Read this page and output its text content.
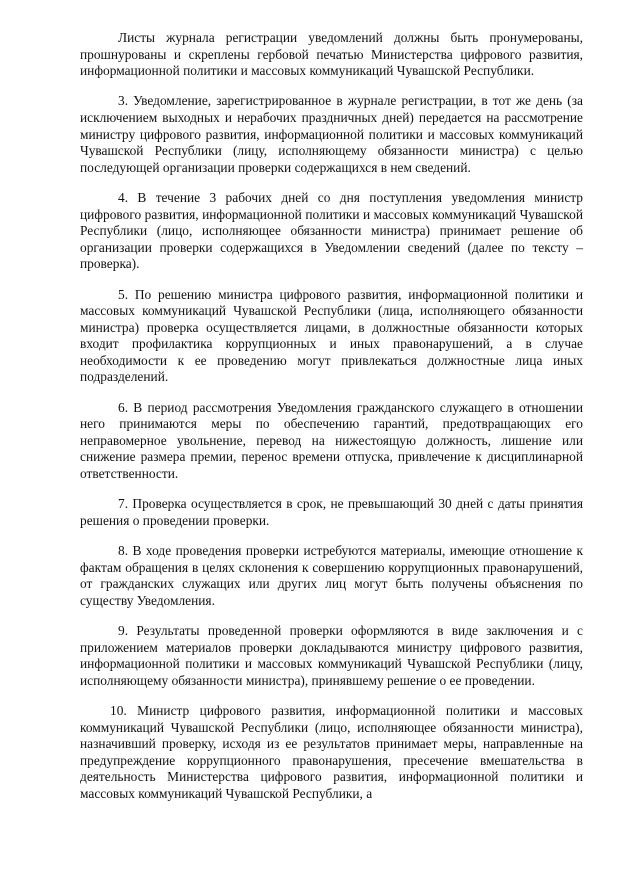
Листы журнала регистрации уведомлений должны быть пронумерованы, прошнурованы и скреплены гербовой печатью Министерства цифрового развития, информационной политики и массовых коммуникаций Чувашской Республики.

3. Уведомление, зарегистрированное в журнале регистрации, в тот же день (за исключением выходных и нерабочих праздничных дней) передается на рассмотрение министру цифрового развития, информационной политики и массовых коммуникаций Чувашской Республики (лицу, исполняющему обязанности министра) с целью последующей организации проверки содержащихся в нем сведений.

4. В течение 3 рабочих дней со дня поступления уведомления министр цифрового развития, информационной политики и массовых коммуникаций Чувашской Республики (лицо, исполняющее обязанности министра) принимает решение об организации проверки содержащихся в Уведомлении сведений (далее по тексту – проверка).

5. По решению министра цифрового развития, информационной политики и массовых коммуникаций Чувашской Республики (лица, исполняющего обязанности министра) проверка осуществляется лицами, в должностные обязанности которых входит профилактика коррупционных и иных правонарушений, а в случае необходимости к ее проведению могут привлекаться должностные лица иных подразделений.

6. В период рассмотрения Уведомления гражданского служащего в отношении него принимаются меры по обеспечению гарантий, предотвращающих его неправомерное увольнение, перевод на нижестоящую должность, лишение или снижение размера премии, перенос времени отпуска, привлечение к дисциплинарной ответственности.

7. Проверка осуществляется в срок, не превышающий 30 дней с даты принятия решения о проведении проверки.

8. В ходе проведения проверки истребуются материалы, имеющие отношение к фактам обращения в целях склонения к совершению коррупционных правонарушений, от гражданских служащих или других лиц могут быть получены объяснения по существу Уведомления.

9. Результаты проведенной проверки оформляются в виде заключения и с приложением материалов проверки докладываются министру цифрового развития, информационной политики и массовых коммуникаций Чувашской Республики (лицу, исполняющему обязанности министра), принявшему решение о ее проведении.

10. Министр цифрового развития, информационной политики и массовых коммуникаций Чувашской Республики (лицо, исполняющее обязанности министра), назначивший проверку, исходя из ее результатов принимает меры, направленные на предупреждение коррупционного правонарушения, пресечение вмешательства в деятельность Министерства цифрового развития, информационной политики и массовых коммуникаций Чувашской Республики, а
